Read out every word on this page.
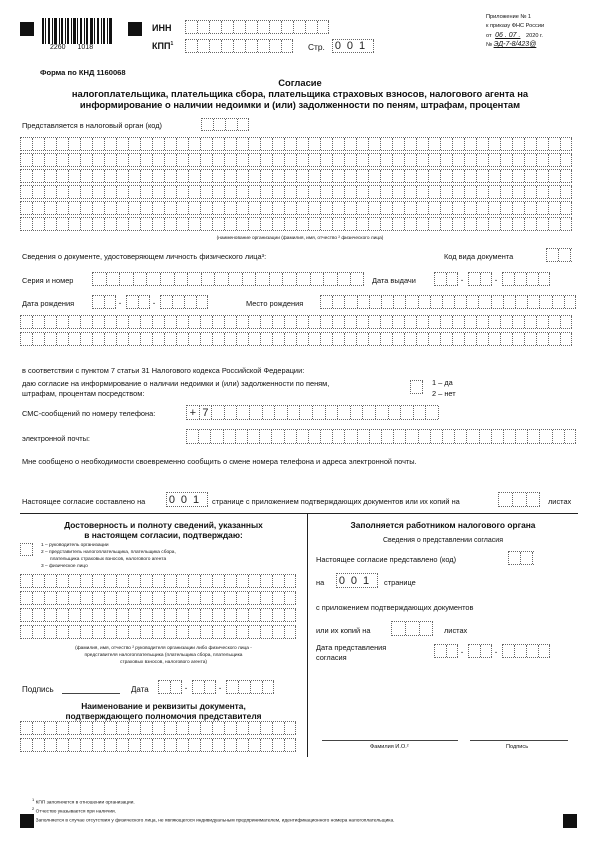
2260 1018
ИНН
КПП$^1$	Стр. 001
Приложение № 1
к приказу ФНС России
от 06 . 07 . 2020 г.
№ ЭД-7-8/423@
Форма по КНД 1160068
Согласие
налогоплательщика, плательщика сбора, плательщика страховых взносов, налогового агента на
информирование о наличии недоимки и (или) задолженности по пеням, штрафам, процентам
Представляется в налоговый орган (код)
(наименование организации (фамилия, имя, отчество ² физического лица)
Сведения о документе, удостоверяющем личность физического лица³:	Код вида документа
Серия и номер	Дата выдачи	.	.
Дата рождения	.	.	Место рождения
в соответствии с пунктом 7 статьи 31 Налогового кодекса Российской Федерации:
даю согласие на информирование о наличии недоимки и (или) задолженности по пеням,
штрафам, процентам посредством:
1 – да
2 – нет
СМС-сообщений по номеру телефона:	+ 7
электронной почты:
Мне сообщено о необходимости своевременно сообщить о смене номера телефона и адреса электронной почты.
Настоящее согласие составлено на 001 странице с приложением подтверждающих документов или их копий на	листах
Достоверность и полноту сведений, указанных
в настоящем согласии, подтверждаю:
1 – руководитель организации
2 – представитель налогоплательщика, плательщика сбора,
плательщика страховых взносов, налогового агента
3 – физическое лицо
(фамилия, имя, отчество ² руководителя организации либо физического лица -
представителя налогоплательщика (плательщика сбора, плательщика
страховых взносов, налогового агента)
Подпись	Дата	.	.
Наименование и реквизиты документа,
подтверждающего полномочия представителя
Заполняется работником налогового органа
Сведения о представлении согласия
Настоящее согласие представлено (код)
на 001	странице
с приложением подтверждающих документов
или их копий на	листах
Дата представления
согласия
.	.
Фамилия И.О.²	Подпись
$^1$ КПП заполняется в отношении организации.
$^2$ Отчество указывается при наличии.
$^3$ Заполняется в случае отсутствия у физического лица, не являющегося индивидуальным предпринимателем, идентификационного номера налогоплательщика.
